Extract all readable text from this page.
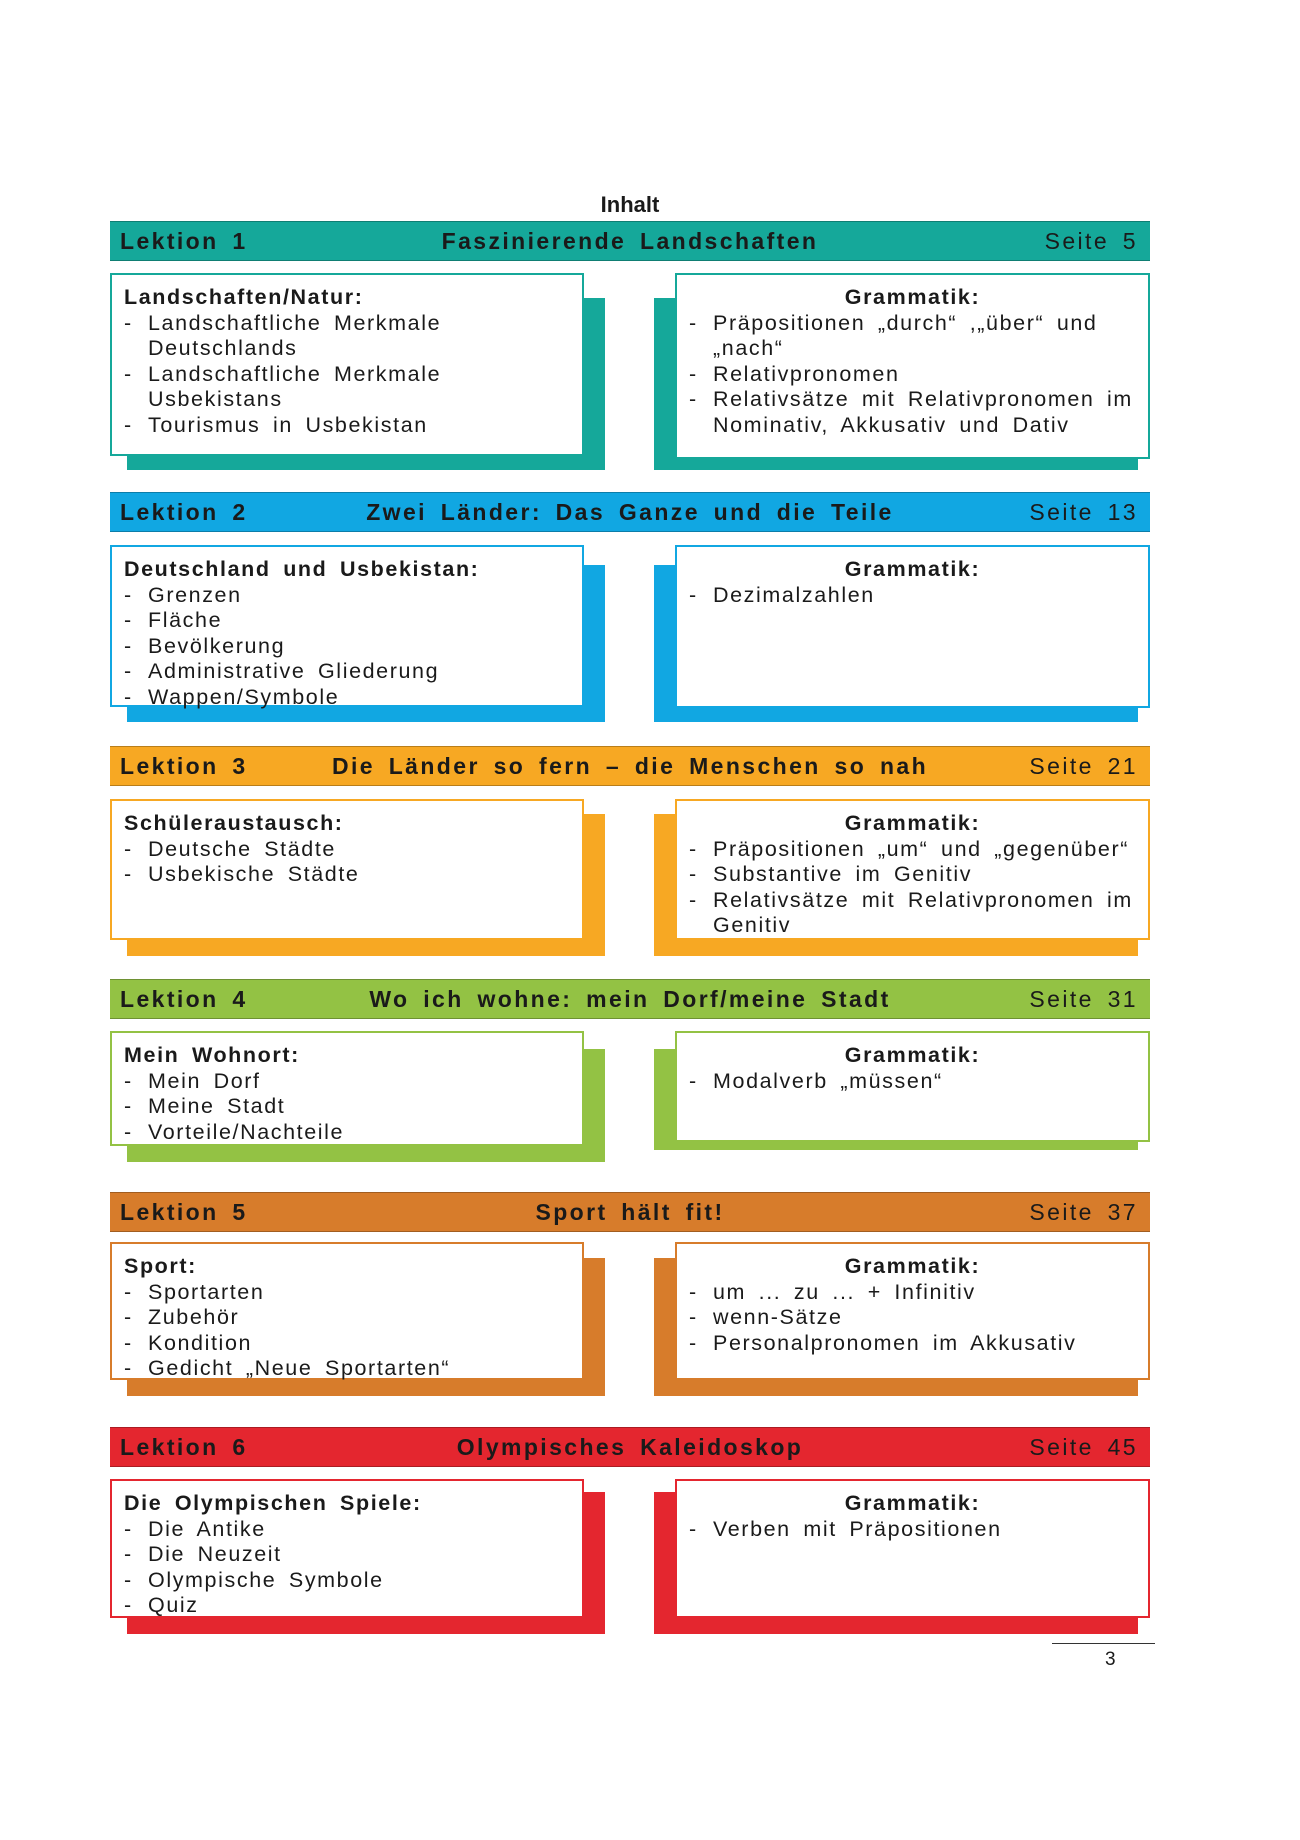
Inhalt
Lektion 1	Faszinierende Landschaften	Seite 5
Landschaften/Natur:
- Landschaftliche Merkmale Deutschlands
- Landschaftliche Merkmale Usbekistans
- Tourismus in Usbekistan
Grammatik:
- Präpositionen „durch“ ,„über“ und „nach“
- Relativpronomen
- Relativsätze mit Relativpronomen im Nominativ, Akkusativ und Dativ
Lektion 2	Zwei Länder: Das Ganze und die Teile	Seite 13
Deutschland und Usbekistan:
- Grenzen
- Fläche
- Bevölkerung
- Administrative Gliederung
- Wappen/Symbole
Grammatik:
- Dezimalzahlen
Lektion 3	Die Länder so fern – die Menschen so nah	Seite 21
Schüleraustausch:
- Deutsche Städte
- Usbekische Städte
Grammatik:
- Präpositionen „um“ und „gegenüber“
- Substantive im Genitiv
- Relativsätze mit Relativpronomen im Genitiv
Lektion 4	Wo ich wohne: mein Dorf/meine Stadt	Seite 31
Mein Wohnort:
- Mein Dorf
- Meine Stadt
- Vorteile/Nachteile
Grammatik:
- Modalverb „müssen“
Lektion 5	Sport hält fit!	Seite 37
Sport:
- Sportarten
- Zubehör
- Kondition
- Gedicht „Neue Sportarten“
Grammatik:
- um ... zu ... + Infinitiv
- wenn-Sätze
- Personalpronomen im Akkusativ
Lektion 6	Olympisches Kaleidoskop	Seite 45
Die Olympischen Spiele:
- Die Antike
- Die Neuzeit
- Olympische Symbole
- Quiz
Grammatik:
- Verben mit Präpositionen
3
